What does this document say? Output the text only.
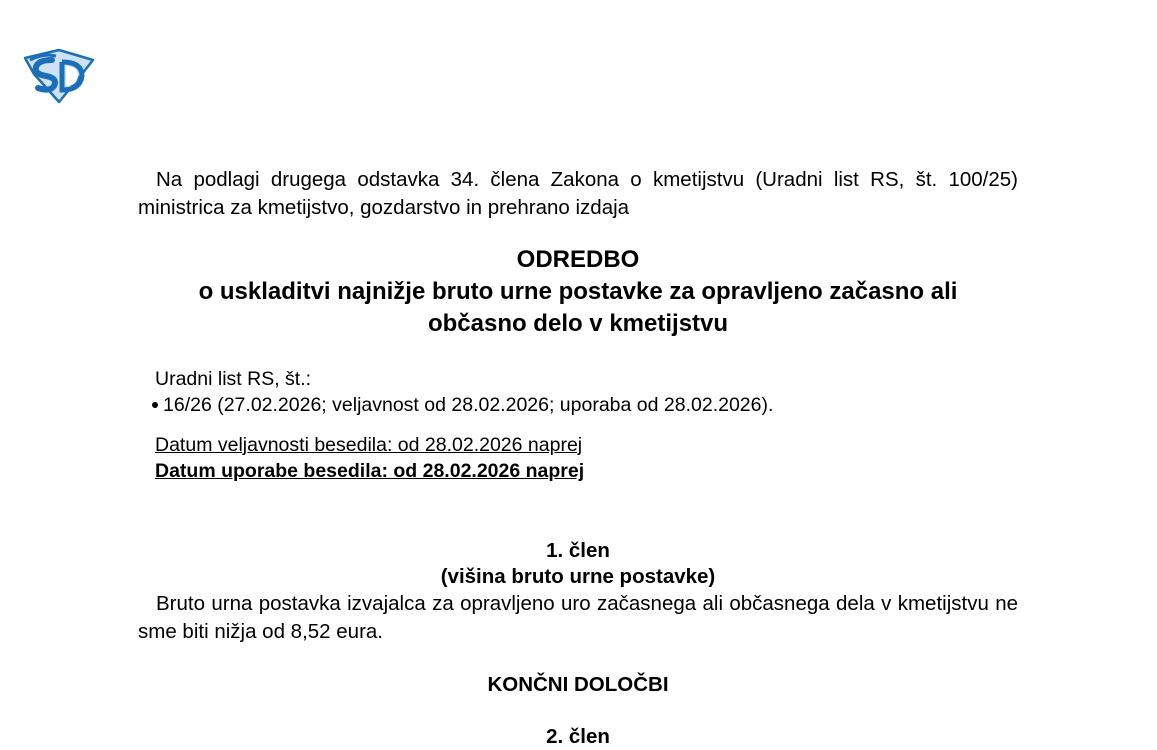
Na podlagi drugega odstavka 34. člena Zakona o kmetijstvu (Uradni list RS, št. 100/25) ministrica za kmetijstvo, gozdarstvo in prehrano izdaja

ODREDBO
o uskladitvi najnižje bruto urne postavke za opravljeno začasno ali
občasno delo v kmetijstvu

Uradni list RS, št.:

16/26 (27.02.2026; veljavnost od 28.02.2026; uporaba od 28.02.2026).

Datum veljavnosti besedila: od 28.02.2026 naprej

Datum uporabe besedila: od 28.02.2026 naprej

1. člen
(višina bruto urne postavke)

Bruto urna postavka izvajalca za opravljeno uro začasnega ali občasnega dela v kmetijstvu ne sme biti nižja od 8,52 eura.

KONČNI DOLOČBI
2. člen
